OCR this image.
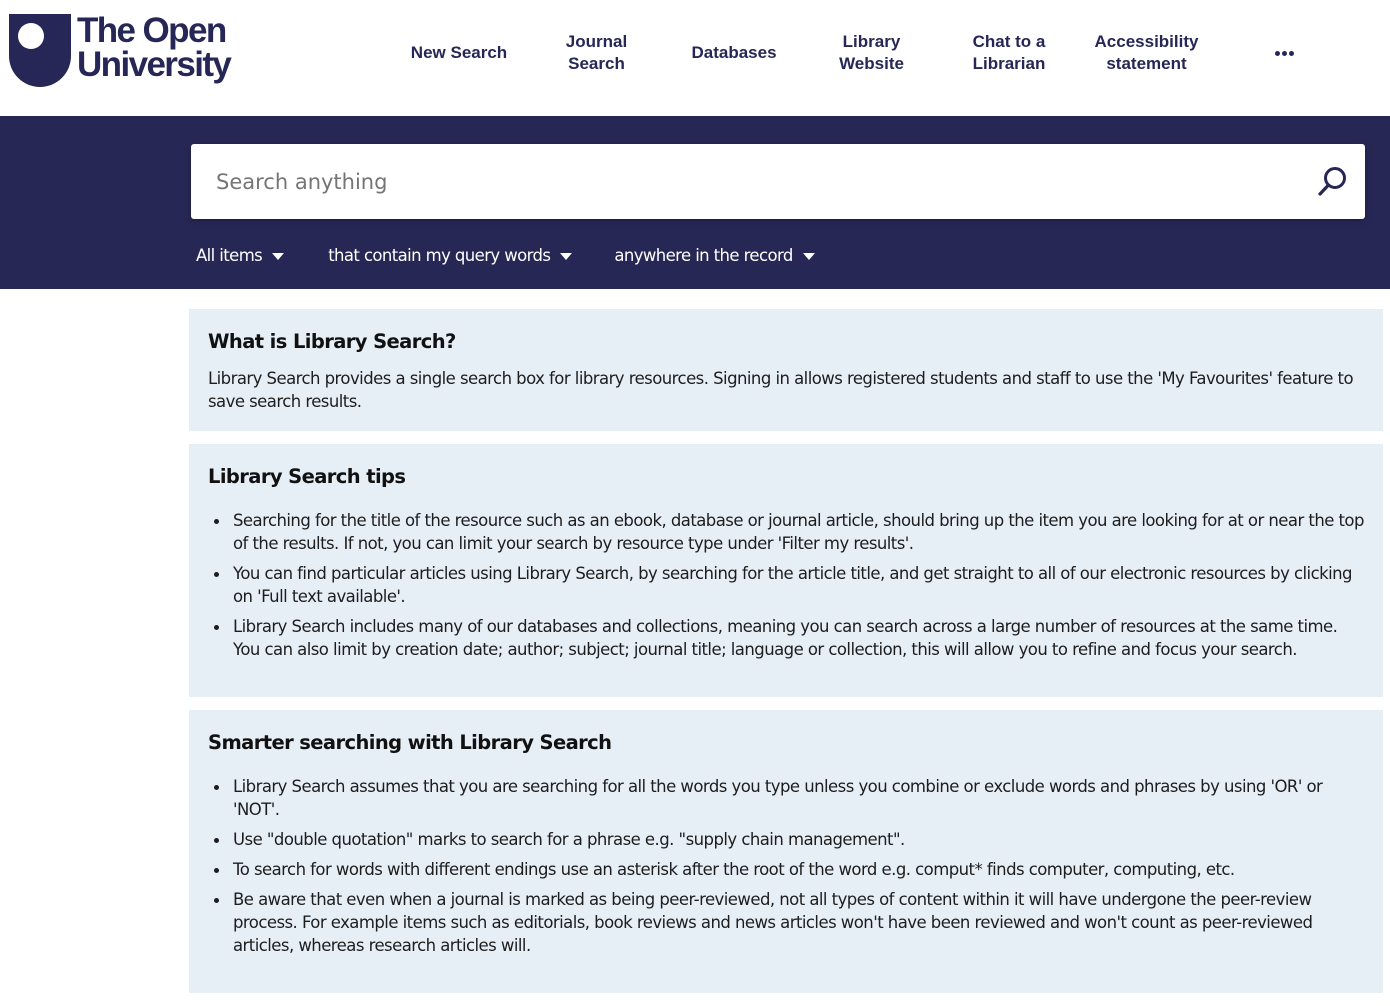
The Open
University	New Search
Journal
Search
Databases
Library
Website
Chat to a
Librarian
Accessibility
statement
Search anything
All items	that contain my query words	anywhere in the record
What is Library Search?

Library Search provides a single search box for library resources. Signing in allows registered students and staff to use the 'My Favourites' feature to save search results.

Library Search tips
Searching for the title of the resource such as an ebook, database or journal article, should bring up the item you are looking for at or near the top of the results. If not, you can limit your search by resource type under 'Filter my results'.
You can find particular articles using Library Search, by searching for the article title, and get straight to all of our electronic resources by clicking on 'Full text available'.
Library Search includes many of our databases and collections, meaning you can search across a large number of resources at the same time. You can also limit by creation date; author; subject; journal title; language or collection, this will allow you to refine and focus your search.
Smarter searching with Library Search
Library Search assumes that you are searching for all the words you type unless you combine or exclude words and phrases by using 'OR' or 'NOT'.
Use "double quotation" marks to search for a phrase e.g. "supply chain management".
To search for words with different endings use an asterisk after the root of the word e.g. comput* finds computer, computing, etc.
Be aware that even when a journal is marked as being peer-reviewed, not all types of content within it will have undergone the peer-review process. For example items such as editorials, book reviews and news articles won't have been reviewed and won't count as peer-reviewed articles, whereas research articles will.
